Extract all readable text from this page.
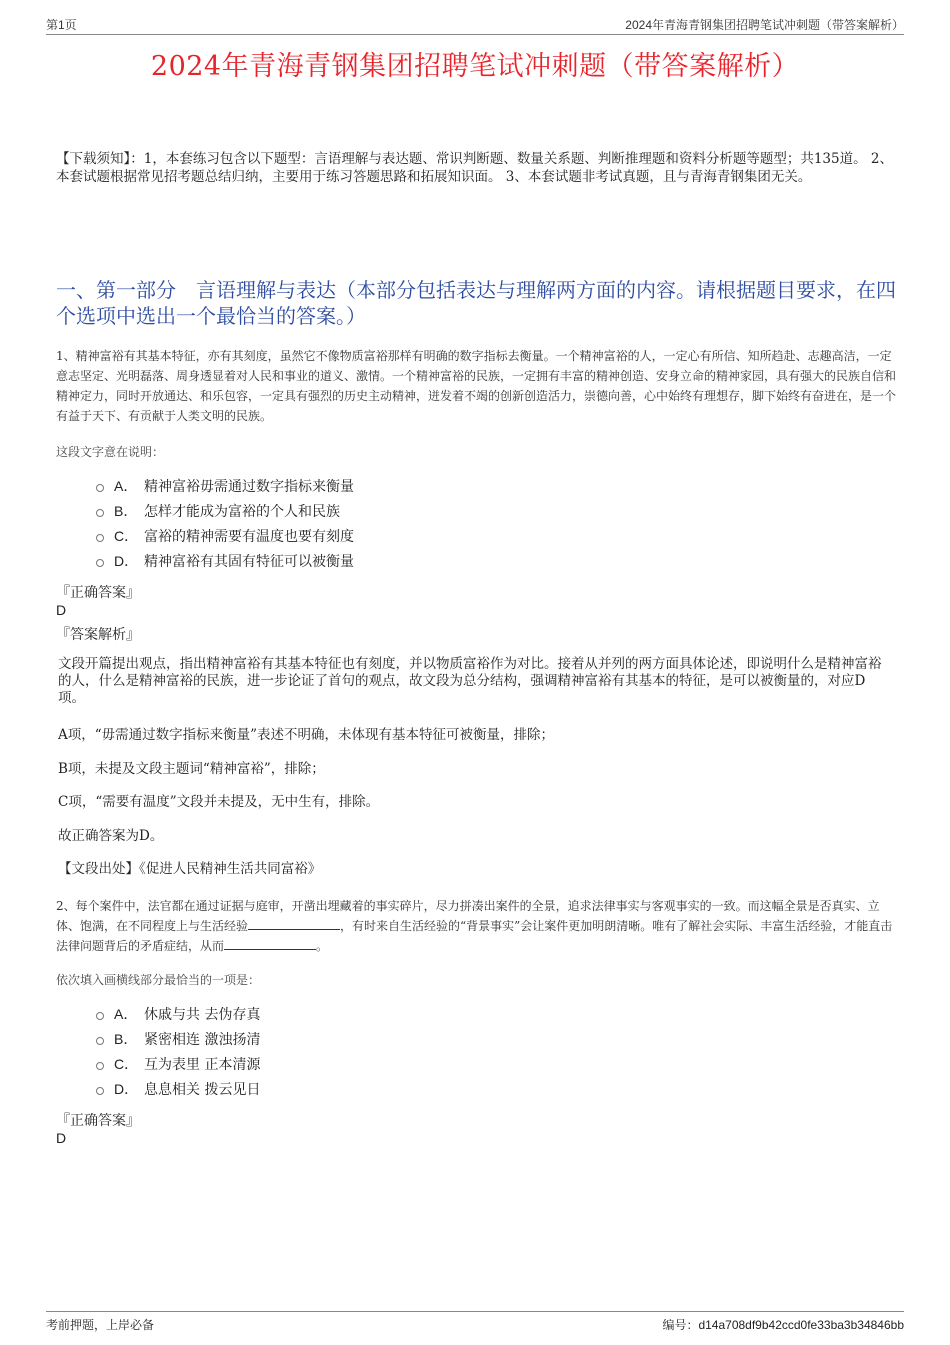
第1页	2024年青海青钢集团招聘笔试冲刺题（带答案解析）
2024年青海青钢集团招聘笔试冲刺题（带答案解析）
【下载须知】：1，本套练习包含以下题型：言语理解与表达题、常识判断题、数量关系题、判断推理题和资料分析题等题型；共135道。 2、本套试题根据常见招考题总结归纳，主要用于练习答题思路和拓展知识面。 3、本套试题非考试真题，且与青海青钢集团无关。
一、第一部分　言语理解与表达（本部分包括表达与理解两方面的内容。请根据题目要求，在四个选项中选出一个最恰当的答案。）
1、精神富裕有其基本特征，亦有其刻度，虽然它不像物质富裕那样有明确的数字指标去衡量。一个精神富裕的人，一定心有所信、知所趋赴、志趣高洁，一定意志坚定、光明磊落、周身透显着对人民和事业的道义、激情。一个精神富裕的民族，一定拥有丰富的精神创造、安身立命的精神家园，具有强大的民族自信和精神定力，同时开放通达、和乐包容，一定具有强烈的历史主动精神，迸发着不竭的创新创造活力，崇德向善，心中始终有理想存，脚下始终有奋进在，是一个有益于天下、有贡献于人类文明的民族。
这段文字意在说明：
A． 精神富裕毋需通过数字指标来衡量
B． 怎样才能成为富裕的个人和民族
C． 富裕的精神需要有温度也要有刻度
D． 精神富裕有其固有特征可以被衡量
『正确答案』
D
『答案解析』
文段开篇提出观点，指出精神富裕有其基本特征也有刻度，并以物质富裕作为对比。接着从并列的两方面具体论述，即说明什么是精神富裕的人，什么是精神富裕的民族，进一步论证了首句的观点，故文段为总分结构，强调精神富裕有其基本的特征，是可以被衡量的，对应D项。
A项，“毋需通过数字指标来衡量”表述不明确，未体现有基本特征可被衡量，排除；
B项，未提及文段主题词“精神富裕”，排除；
C项，“需要有温度”文段并未提及，无中生有，排除。
故正确答案为D。
【文段出处】《促进人民精神生活共同富裕》
2、每个案件中，法官都在通过证据与庭审，开凿出埋藏着的事实碎片，尽力拼凑出案件的全景，追求法律事实与客观事实的一致。而这幅全景是否真实、立体、饱满，在不同程度上与生活经验	，有时来自生活经验的“背景事实”会让案件更加明朗清晰。唯有了解社会实际、丰富生活经验，才能直击法律问题背后的矛盾症结，从而	。
依次填入画横线部分最恰当的一项是：
A． 休戚与共 去伪存真
B． 紧密相连 激浊扬清
C． 互为表里 正本清源
D． 息息相关 拨云见日
『正确答案』
D
考前押题，上岸必备	编号：d14a708df9b42ccd0fe33ba3b34846bb
